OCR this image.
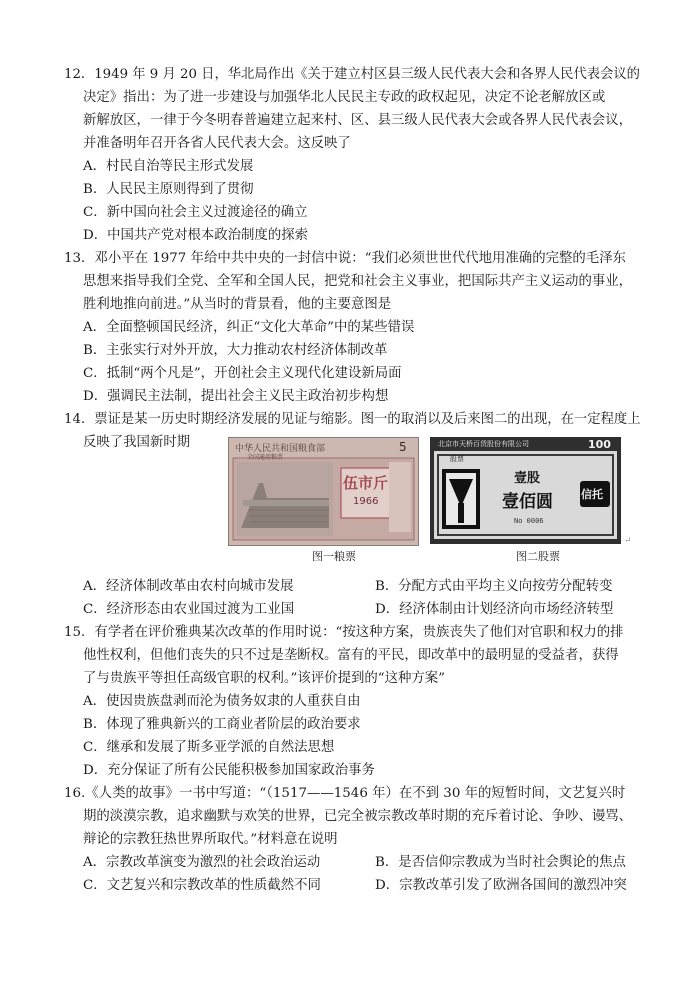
12．1949 年 9 月 20 日，华北局作出《关于建立村区县三级人民代表大会和各界人民代表会议的
决定》指出：为了进一步建设与加强华北人民民主专政的政权起见，决定不论老解放区或
新解放区，一律于今冬明春普遍建立起来村、区、县三级人民代表大会或各界人民代表会议，
并准备明年召开各省人民代表大会。这反映了
A．村民自治等民主形式发展
B．人民民主原则得到了贯彻
C．新中国向社会主义过渡途径的确立
D．中国共产党对根本政治制度的探索
13．邓小平在 1977 年给中共中央的一封信中说：“我们必须世世代代地用准确的完整的毛泽东
思想来指导我们全党、全军和全国人民，把党和社会主义事业，把国际共产主义运动的事业，
胜利地推向前进。”从当时的背景看，他的主要意图是
A．全面整顿国民经济，纠正“文化大革命”中的某些错误
B．主张实行对外开放，大力推动农村经济体制改革
C．抵制“两个凡是”，开创社会主义现代化建设新局面
D．强调民主法制，提出社会主义民主政治初步构想
14．票证是某一历史时期经济发展的见证与缩影。图一的取消以及后来图二的出现，在一定程度上
反映了我国新时期	中华人民共和国粮食部
全国通用粮票
伍市斤
1966
5
图一粮票
北京市天桥百货股份有限公司
股票
100
壹股
壹佰圆	信托
No 0006
图二股票
↵
A．经济体制改革由农村向城市发展	B．分配方式由平均主义向按劳分配转变
C．经济形态由农业国过渡为工业国	D．经济体制由计划经济向市场经济转型
15．有学者在评价雅典某次改革的作用时说：“按这种方案，贵族丧失了他们对官职和权力的排
他性权利，但他们丧失的只不过是垄断权。富有的平民，即改革中的最明显的受益者，获得
了与贵族平等担任高级官职的权利。”该评价提到的“这种方案”
A．使因贵族盘剥而沦为债务奴隶的人重获自由
B．体现了雅典新兴的工商业者阶层的政治要求
C．继承和发展了斯多亚学派的自然法思想
D．充分保证了所有公民能积极参加国家政治事务
16.《人类的故事》一书中写道：“（1517——1546 年）在不到 30 年的短暂时间，文艺复兴时
期的淡漠宗教，追求幽默与欢笑的世界，已完全被宗教改革时期的充斥着讨论、争吵、谩骂、
辩论的宗教狂热世界所取代。”材料意在说明
A．宗教改革演变为激烈的社会政治运动	B．是否信仰宗教成为当时社会舆论的焦点
C．文艺复兴和宗教改革的性质截然不同	D．宗教改革引发了欧洲各国间的激烈冲突
